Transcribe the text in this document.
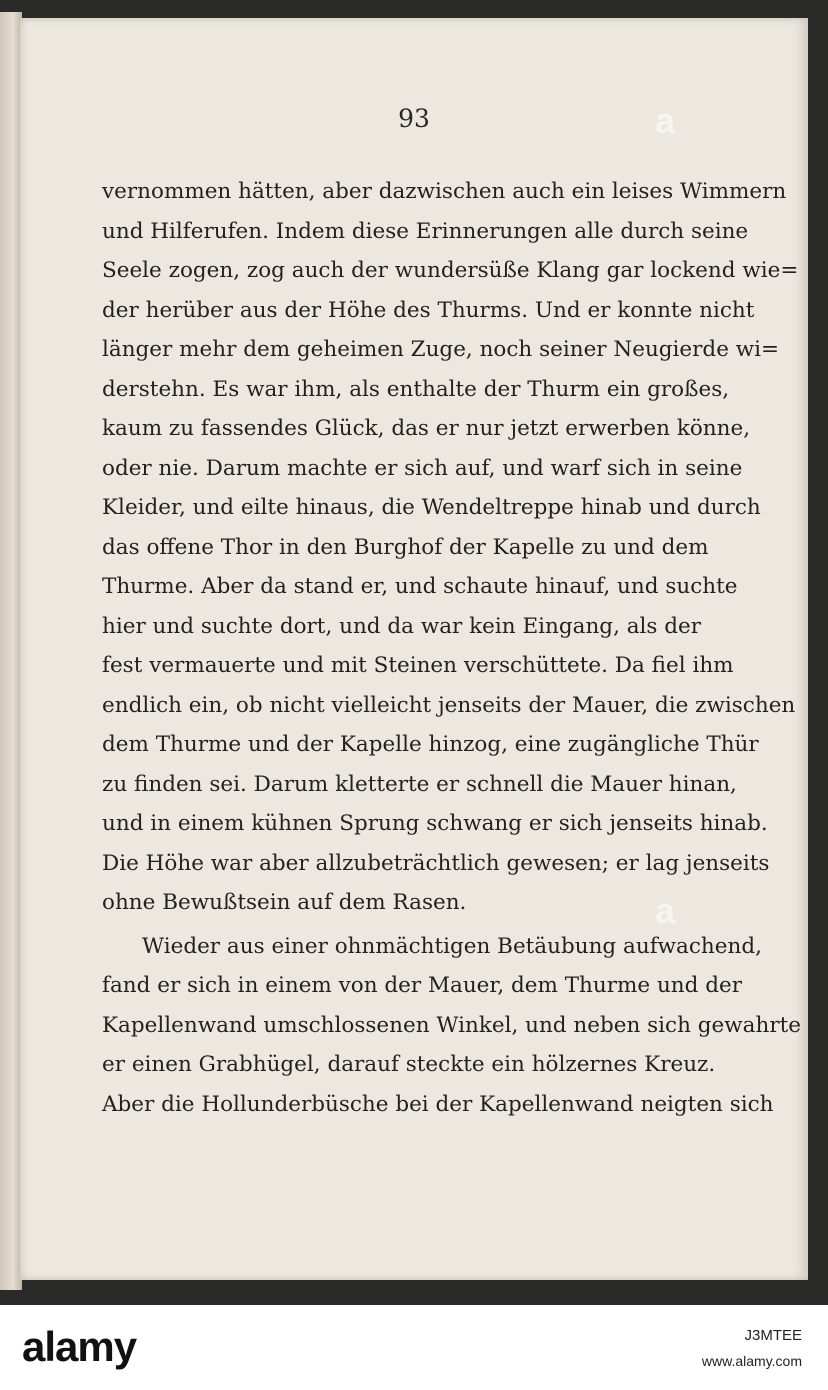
93
vernommen hätten, aber dazwischen auch ein leises Wimmern
und Hilferufen. Indem diese Erinnerungen alle durch seine
Seele zogen, zog auch der wundersüße Klang gar lockend wie=
der herüber aus der Höhe des Thurms. Und er konnte nicht
länger mehr dem geheimen Zuge, noch seiner Neugierde wi=
derstehn. Es war ihm, als enthalte der Thurm ein großes,
kaum zu fassendes Glück, das er nur jetzt erwerben könne,
oder nie. Darum machte er sich auf, und warf sich in seine
Kleider, und eilte hinaus, die Wendeltreppe hinab und durch
das offene Thor in den Burghof der Kapelle zu und dem
Thurme. Aber da stand er, und schaute hinauf, und suchte
hier und suchte dort, und da war kein Eingang, als der
fest vermauerte und mit Steinen verschüttete. Da fiel ihm
endlich ein, ob nicht vielleicht jenseits der Mauer, die zwischen
dem Thurme und der Kapelle hinzog, eine zugängliche Thür
zu finden sei. Darum kletterte er schnell die Mauer hinan,
und in einem kühnen Sprung schwang er sich jenseits hinab.
Die Höhe war aber allzubeträchtlich gewesen; er lag jenseits
ohne Bewußtsein auf dem Rasen.
Wieder aus einer ohnmächtigen Betäubung aufwachend,
fand er sich in einem von der Mauer, dem Thurme und der
Kapellenwand umschlossenen Winkel, und neben sich gewahrte
er einen Grabhügel, darauf steckte ein hölzernes Kreuz.
Aber die Hollunderbüsche bei der Kapellenwand neigten sich
a
a
alamy	J3MTEE
www.alamy.com
